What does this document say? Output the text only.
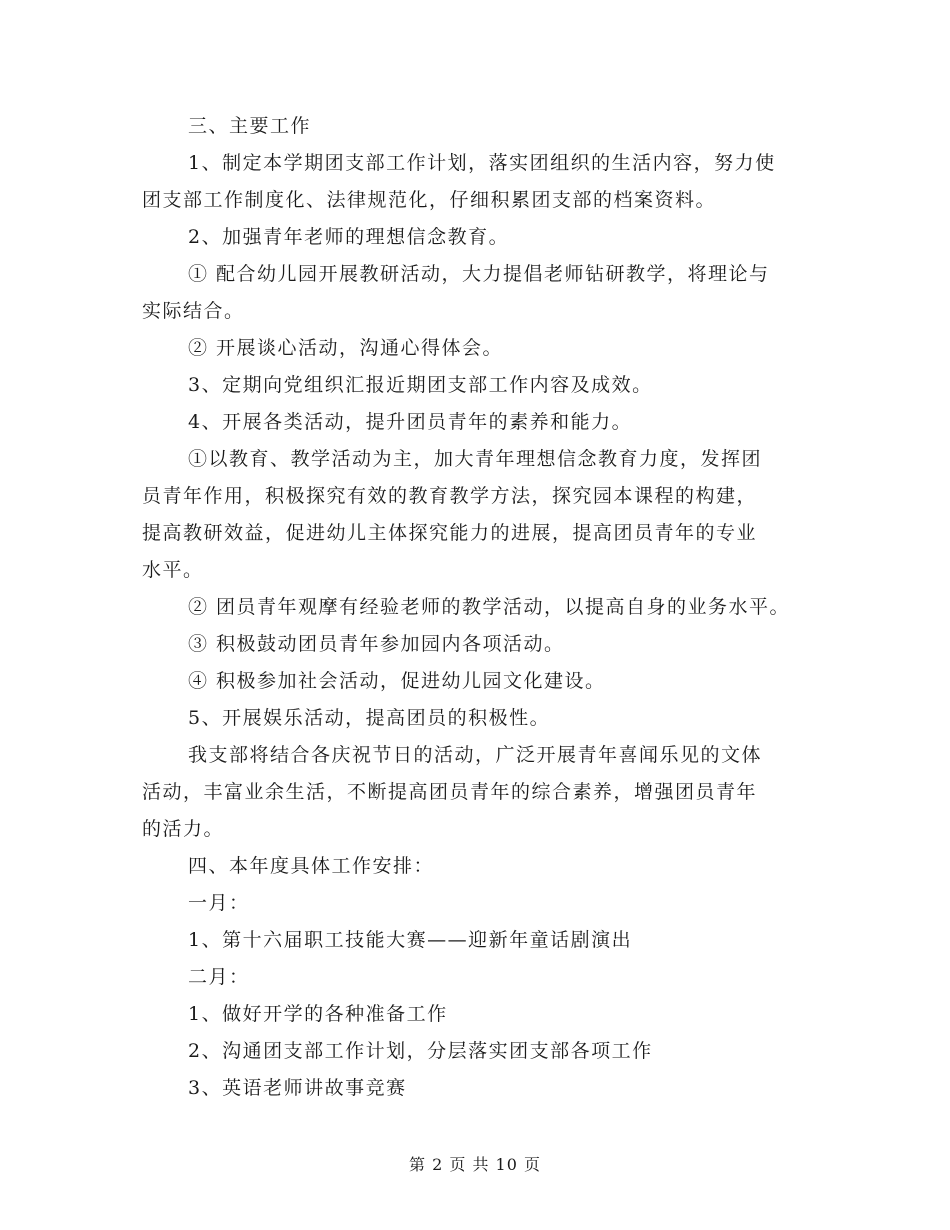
三、主要工作

1、制定本学期团支部工作计划，落实团组织的生活内容，努力使

团支部工作制度化、法律规范化，仔细积累团支部的档案资料。

2、加强青年老师的理想信念教育。

① 配合幼儿园开展教研活动，大力提倡老师钻研教学，将理论与

实际结合。

② 开展谈心活动，沟通心得体会。

3、定期向党组织汇报近期团支部工作内容及成效。

4、开展各类活动，提升团员青年的素养和能力。

①以教育、教学活动为主，加大青年理想信念教育力度，发挥团

员青年作用，积极探究有效的教育教学方法，探究园本课程的构建，

提高教研效益，促进幼儿主体探究能力的进展，提高团员青年的专业

水平。

② 团员青年观摩有经验老师的教学活动，以提高自身的业务水平。

③ 积极鼓动团员青年参加园内各项活动。

④ 积极参加社会活动，促进幼儿园文化建设。

5、开展娱乐活动，提高团员的积极性。

我支部将结合各庆祝节日的活动，广泛开展青年喜闻乐见的文体

活动，丰富业余生活，不断提高团员青年的综合素养，增强团员青年

的活力。

四、本年度具体工作安排：

一月：

1、第十六届职工技能大赛——迎新年童话剧演出

二月：

1、做好开学的各种准备工作

2、沟通团支部工作计划，分层落实团支部各项工作

3、英语老师讲故事竞赛

第 2 页 共 10 页
